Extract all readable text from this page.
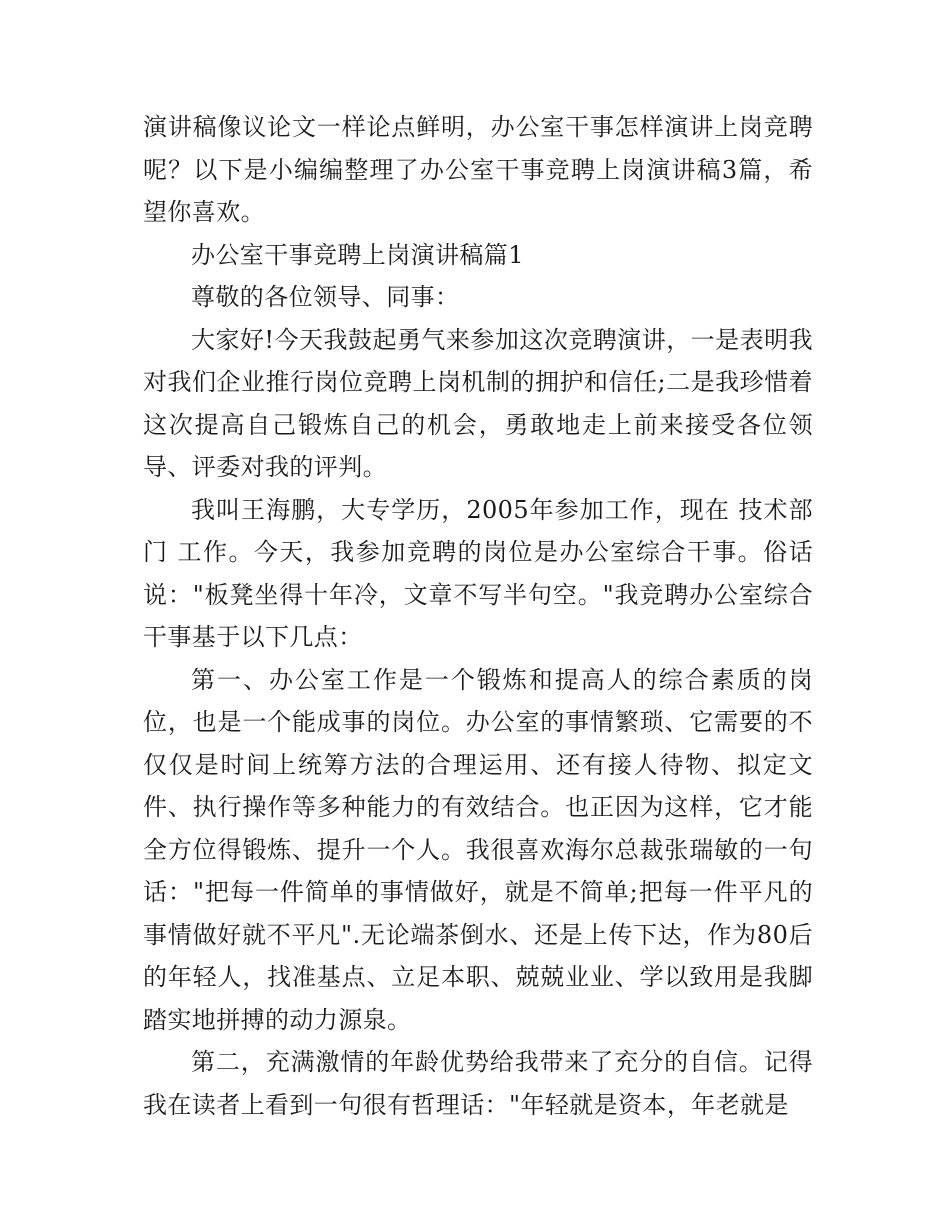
演讲稿像议论文一样论点鲜明，办公室干事怎样演讲上岗竞聘呢？以下是小编编整理了办公室干事竞聘上岗演讲稿3篇，希望你喜欢。

办公室干事竞聘上岗演讲稿篇1

尊敬的各位领导、同事：

大家好!今天我鼓起勇气来参加这次竞聘演讲，一是表明我对我们企业推行岗位竞聘上岗机制的拥护和信任;二是我珍惜着这次提高自己锻炼自己的机会，勇敢地走上前来接受各位领导、评委对我的评判。

我叫王海鹏，大专学历，2005年参加工作，现在 技术部门 工作。今天，我参加竞聘的岗位是办公室综合干事。俗话说："板凳坐得十年冷，文章不写半句空。"我竞聘办公室综合干事基于以下几点：

第一、办公室工作是一个锻炼和提高人的综合素质的岗位，也是一个能成事的岗位。办公室的事情繁琐、它需要的不仅仅是时间上统筹方法的合理运用、还有接人待物、拟定文件、执行操作等多种能力的有效结合。也正因为这样，它才能全方位得锻炼、提升一个人。我很喜欢海尔总裁张瑞敏的一句话："把每一件简单的事情做好，就是不简单;把每一件平凡的事情做好就不平凡".无论端茶倒水、还是上传下达，作为80后的年轻人，找准基点、立足本职、兢兢业业、学以致用是我脚踏实地拼搏的动力源泉。

第二，充满激情的年龄优势给我带来了充分的自信。记得我在读者上看到一句很有哲理话："年轻就是资本，年老就是
